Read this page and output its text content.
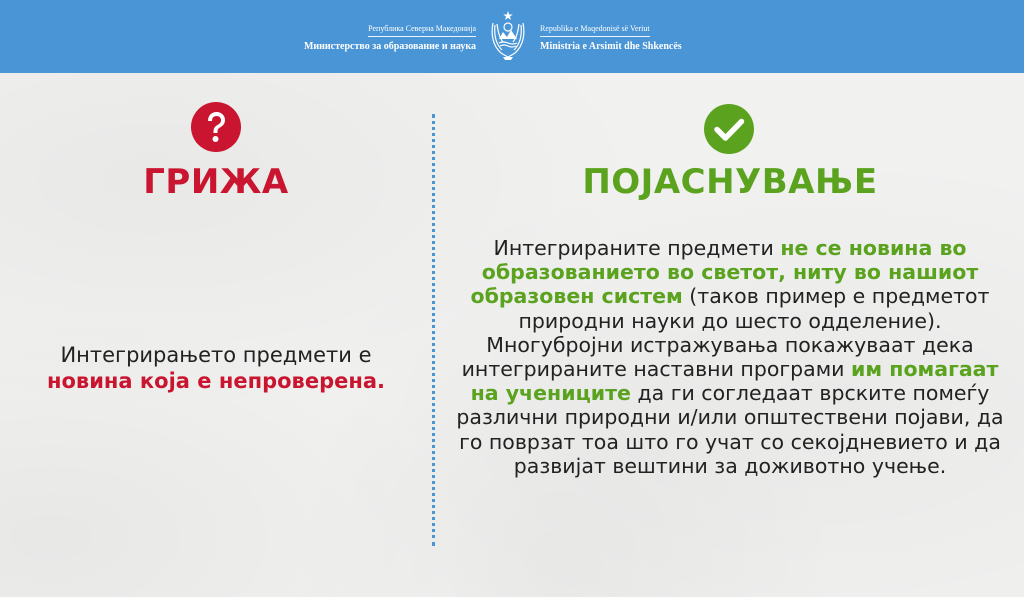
Република Северна Македонија
Министерство за образование и наука
Republika e Maqedonisë së Veriut
Ministria e Arsimit dhe Shkencës
ГРИЖА
Интегрирањето предмети е
новина која е непроверена.
ПОЈАСНУВАЊЕ
Интегрираните предмети не се новина во образованието во светот, ниту во нашиот образовен систем (таков пример е предметот природни науки до шесто одделение). Многубројни истражувања покажуваат дека интегрираните наставни програми им помагаат на учениците да ги согледаат врските помеѓу различни природни и/или општествени појави, да го поврзат тоа што го учат со секојдневието и да развијат вештини за доживотно учење.
